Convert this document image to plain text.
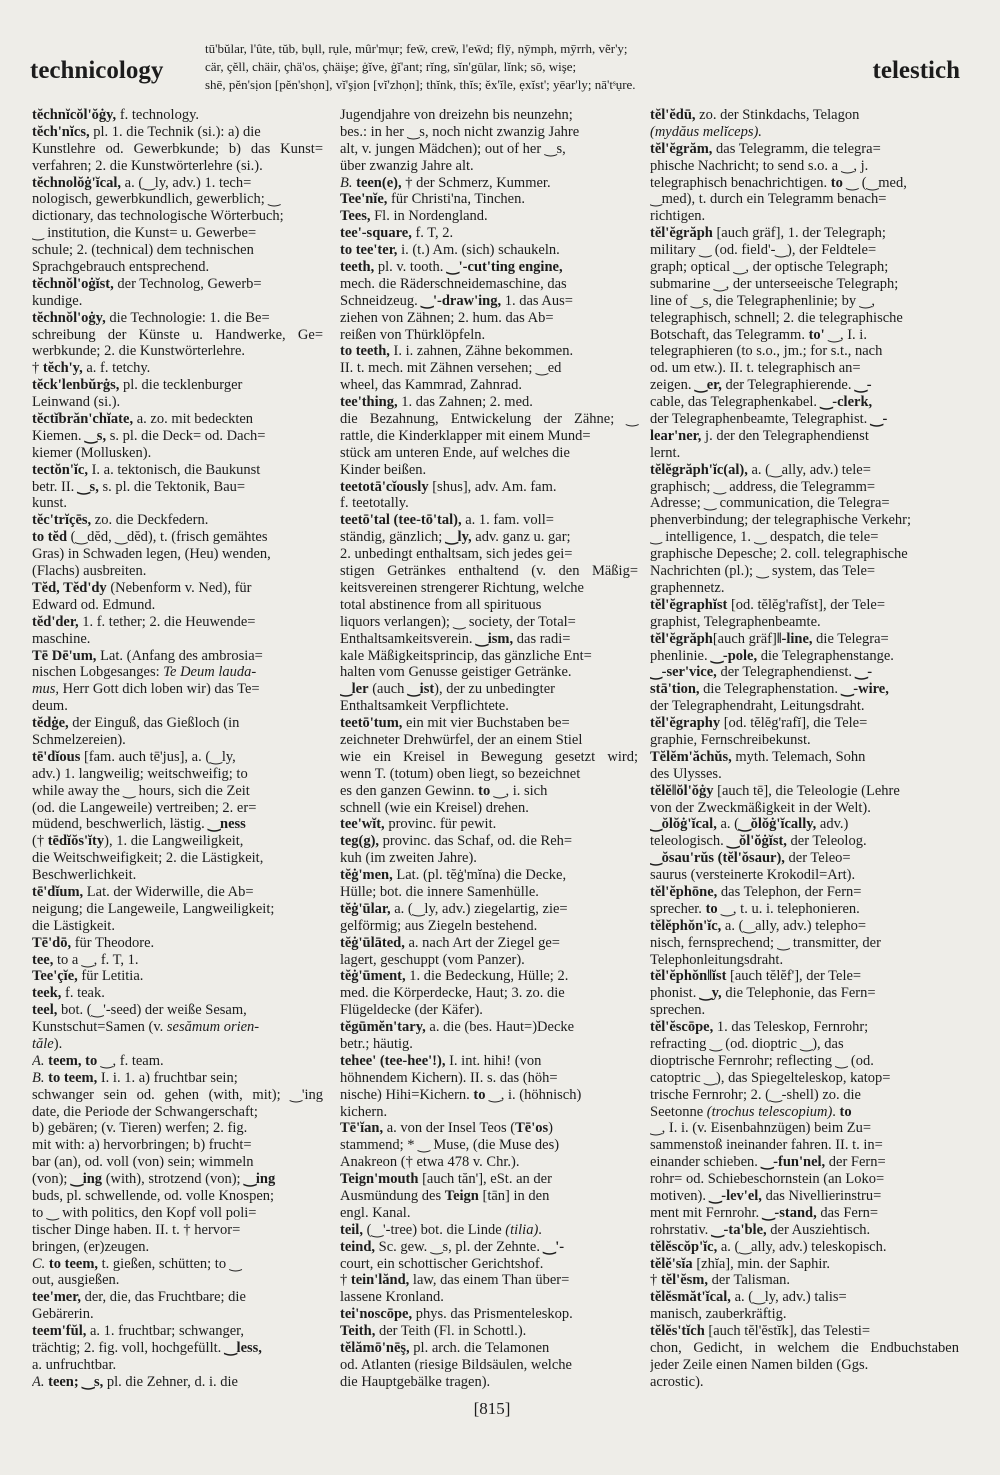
technicology
tū'bŭlar, l'ûte, tŭb, bụll, rụle, mûr'mụr; few̄, crew̄, l'ew̄d; flȳ, nȳmph, mȳrrh, vẽr'y;
cär, çĕll, chäir, çhä'os, çhäişe; ġĭve, ġĭ'ant; rĭng, sĭn'gūlar, lĭnk; sō, wişe;
shē, pĕn'sịon [pĕn'shọn], vĭ'şịon [vĭ'zhọn]; thĭnk, thĭs; ĕx'ĭle, ẹxĭst'; yēar'ly; nā'tˢụre.
telestich
tĕchnĭcŏl'ŏġy, f. technology.
tĕch'nĭcs, pl. 1. die Technik (si.): a) die
Kunstlehre od. Gewerbkunde; b) das Kunst=
verfahren; 2. die Kunstwörterlehre (si.).
tĕchnolŏġ'ĭcal, a. (‿ly, adv.) 1. tech=
nologisch, gewerbkundlich, gewerblich; ‿
dictionary, das technologische Wörterbuch;
‿ institution, die Kunst= u. Gewerbe=
schule; 2. (technical) dem technischen
Sprachgebrauch entsprechend.
tĕchnŏl'oġĭst, der Technolog, Gewerb=
kundige.
tĕchnŏl'oġy, die Technologie: 1. die Be=
schreibung der Künste u. Handwerke, Ge=
werbkunde; 2. die Kunstwörterlehre.
† tĕch'y, a. f. tetchy.
tĕck'lenbŭrġs, pl. die tecklenburger
Leinwand (si.).
tĕctĭbrăn'chĭate, a. zo. mit bedeckten
Kiemen. ‿s, s. pl. die Deck= od. Dach=
kiemer (Mollusken).
tectŏn'ĭc, I. a. tektonisch, die Baukunst
betr. II. ‿s, s. pl. die Tektonik, Bau=
kunst.
tĕc'trĭçēs, zo. die Deckfedern.
to tĕd (‿dĕd, ‿dĕd), t. (frisch gemähtes
Gras) in Schwaden legen, (Heu) wenden,
(Flachs) ausbreiten.
Tĕd, Tĕd'dy (Nebenform v. Ned), für
Edward od. Edmund.
tĕd'der, 1. f. tether; 2. die Heuwende=
maschine.
Tē Dē'um, Lat. (Anfang des ambrosia=
nischen Lobgesanges: Te Deum lauda-
mus, Herr Gott dich loben wir) das Te=
deum.
tĕdġe, der Einguß, das Gießloch (in
Schmelzereien).
tē'dĭous [fam. auch tē'jus], a. (‿ly,
adv.) 1. langweilig; weitschweifig; to
while away the ‿ hours, sich die Zeit
(od. die Langeweile) vertreiben; 2. er=
müdend, beschwerlich, lästig. ‿ness
(† tēdĭŏs'ĭty), 1. die Langweiligkeit,
die Weitschweifigkeit; 2. die Lästigkeit,
Beschwerlichkeit.
tē'dĭum, Lat. der Widerwille, die Ab=
neigung; die Langeweile, Langweiligkeit;
die Lästigkeit.
Tē'dō, für Theodore.
tee, to a ‿, f. T, 1.
Tee'çĭe, für Letitia.
teek, f. teak.
teel, bot. (‿'-seed) der weiße Sesam,
Kunstschut=Samen (v. sesămum orien-
tăle).
A. teem, to ‿, f. team.
B. to teem, I. i. 1. a) fruchtbar sein;
schwanger sein od. gehen (with, mit); ‿'ing
date, die Periode der Schwangerschaft;
b) gebären; (v. Tieren) werfen; 2. fig.
mit with: a) hervorbringen; b) frucht=
bar (an), od. voll (von) sein; wimmeln
(von); ‿ing (with), strotzend (von); ‿ing
buds, pl. schwellende, od. volle Knospen;
to ‿ with politics, den Kopf voll poli=
tischer Dinge haben. II. t. † hervor=
bringen, (er)zeugen.
C. to teem, t. gießen, schütten; to ‿
out, ausgießen.
tee'mer, der, die, das Fruchtbare; die
Gebärerin.
teem'fŭl, a. 1. fruchtbar; schwanger,
trächtig; 2. fig. voll, hochgefüllt. ‿less,
a. unfruchtbar.
A. teen; ‿s, pl. die Zehner, d. i. die
Jugendjahre von dreizehn bis neunzehn;
bes.: in her ‿s, noch nicht zwanzig Jahre
alt, v. jungen Mädchen); out of her ‿s,
über zwanzig Jahre alt.
B. teen(e), † der Schmerz, Kummer.
Tee'nĭe, für Christi'na, Tinchen.
Tees, Fl. in Nordengland.
tee'-square, f. T, 2.
to tee'ter, i. (t.) Am. (sich) schaukeln.
teeth, pl. v. tooth. ‿'-cut'ting engine,
mech. die Räderschneidemaschine, das
Schneidzeug. ‿'-draw'ing, 1. das Aus=
ziehen von Zähnen; 2. hum. das Ab=
reißen von Thürklöpfeln.
to teeth, I. i. zahnen, Zähne bekommen.
II. t. mech. mit Zähnen versehen; ‿ed
wheel, das Kammrad, Zahnrad.
tee'thing, 1. das Zahnen; 2. med.
die Bezahnung, Entwickelung der Zähne; ‿
rattle, die Kinderklapper mit einem Mund=
stück am unteren Ende, auf welches die
Kinder beißen.
teetotā'cĭously [shus], adv. Am. fam.
f. teetotally.
teetō'tal (tee-tō'tal), a. 1. fam. voll=
ständig, gänzlich; ‿ly, adv. ganz u. gar;
2. unbedingt enthaltsam, sich jedes gei=
stigen Getränkes enthaltend (v. den Mäßig=
keitsvereinen strengerer Richtung, welche
total abstinence from all spirituous
liquors verlangen); ‿ society, der Total=
Enthaltsamkeitsverein. ‿ism, das radi=
kale Mäßigkeitsprincip, das gänzliche Ent=
halten vom Genusse geistiger Getränke.
‿ler (auch ‿ist), der zu unbedingter
Enthaltsamkeit Verpflichtete.
teetō'tum, ein mit vier Buchstaben be=
zeichneter Drehwürfel, der an einem Stiel
wie ein Kreisel in Bewegung gesetzt wird;
wenn T. (totum) oben liegt, so bezeichnet
es den ganzen Gewinn. to ‿, i. sich
schnell (wie ein Kreisel) drehen.
tee'wĭt, provinc. für pewit.
teg(g), provinc. das Schaf, od. die Reh=
kuh (im zweiten Jahre).
tĕġ'men, Lat. (pl. tĕġ'mĭna) die Decke,
Hülle; bot. die innere Samenhülle.
tĕġ'ūlar, a. (‿ly, adv.) ziegelartig, zie=
gelförmig; aus Ziegeln bestehend.
tĕġ'ūlāted, a. nach Art der Ziegel ge=
lagert, geschuppt (vom Panzer).
tĕġ'ūment, 1. die Bedeckung, Hülle; 2.
med. die Körperdecke, Haut; 3. zo. die
Flügeldecke (der Käfer).
tĕgūmĕn'tary, a. die (bes. Haut=)Decke
betr.; häutig.
tehee' (tee-hee'!), I. int. hihi! (von
höhnendem Kichern). II. s. das (höh=
nische) Hihi=Kichern. to ‿, i. (höhnisch)
kichern.
Tē'ĭan, a. von der Insel Teos (Tē'os)
stammend; * ‿ Muse, (die Muse des)
Anakreon († etwa 478 v. Chr.).
Teign'mouth [auch tăn'], eSt. an der
Ausmündung des Teign [tān] in den
engl. Kanal.
teil, (‿'-tree) bot. die Linde (tilia).
teind, Sc. gew. ‿s, pl. der Zehnte. ‿'-
court, ein schottischer Gerichtshof.
† tein'lănd, law, das einem Than über=
lassene Kronland.
tei'noscōpe, phys. das Prismenteleskop.
Teith, der Teith (Fl. in Schottl.).
tĕlămō'nēş, pl. arch. die Telamonen
od. Atlanten (riesige Bildsäulen, welche
die Hauptgebälke tragen).
tĕl'ĕdū, zo. der Stinkdachs, Telagon
(mydăus melĭceps).
tĕl'ĕgrăm, das Telegramm, die telegra=
phische Nachricht; to send s.o. a ‿, j.
telegraphisch benachrichtigen. to ‿ (‿med,
‿med), t. durch ein Telegramm benach=
richtigen.
tĕl'ĕgrăph [auch gräf], 1. der Telegraph;
military ‿ (od. field'-‿), der Feldtele=
graph; optical ‿, der optische Telegraph;
submarine ‿, der unterseeische Telegraph;
line of ‿s, die Telegraphenlinie; by ‿,
telegraphisch, schnell; 2. die telegraphische
Botschaft, das Telegramm. to' ‿, I. i.
telegraphieren (to s.o., jm.; for s.t., nach
od. um etw.). II. t. telegraphisch an=
zeigen. ‿er, der Telegraphierende. ‿-
cable, das Telegraphenkabel. ‿-clerk,
der Telegraphenbeamte, Telegraphist. ‿-
lear'ner, j. der den Telegraphendienst
lernt.
tĕlĕgrăph'ĭc(al), a. (‿ally, adv.) tele=
graphisch; ‿ address, die Telegramm=
Adresse; ‿ communication, die Telegra=
phenverbindung; der telegraphische Verkehr;
‿ intelligence, 1. ‿ despatch, die tele=
graphische Depesche; 2. coll. telegraphische
Nachrichten (pl.); ‿ system, das Tele=
graphennetz.
tĕl'ĕgraphĭst [od. tĕlĕg'rafĭst], der Tele=
graphist, Telegraphenbeamte.
tĕl'ĕgrăph[auch gräf]‖-line, die Telegra=
phenlinie. ‿-pole, die Telegraphenstange.
‿-ser'vice, der Telegraphendienst. ‿-
stā'tion, die Telegraphenstation. ‿-wire,
der Telegraphendraht, Leitungsdraht.
tĕl'ĕgraphy [od. tĕlĕg'rafĭ], die Tele=
graphie, Fernschreibekunst.
Tĕlĕm'ăchŭs, myth. Telemach, Sohn
des Ulysses.
tĕlĕ‖ŏl'ŏġy [auch tē], die Teleologie (Lehre
von der Zweckmäßigkeit in der Welt).
‿ŏlŏġ'ĭcal, a. (‿ŏlŏġ'ĭcally, adv.)
teleologisch. ‿ŏl'ŏġĭst, der Teleolog.
‿ŏsau'rŭs (tĕl'ŏsaur), der Teleo=
saurus (versteinerte Krokodil=Art).
tĕl'ĕphōne, das Telephon, der Fern=
sprecher. to ‿, t. u. i. telephonieren.
tĕlĕphŏn'ĭc, a. (‿ally, adv.) telepho=
nisch, fernsprechend; ‿ transmitter, der
Telephonleitungsdraht.
tĕl'ĕphŏn‖ĭst [auch tĕlĕf'], der Tele=
phonist. ‿y, die Telephonie, das Fern=
sprechen.
tĕl'ĕscōpe, 1. das Teleskop, Fernrohr;
refracting ‿ (od. dioptric ‿), das
dioptrische Fernrohr; reflecting ‿ (od.
catoptric ‿), das Spiegelteleskop, katop=
trische Fernrohr; 2. (‿-shell) zo. die
Seetonne (trochus telescopium). to
‿, I. i. (v. Eisenbahnzügen) beim Zu=
sammenstoß ineinander fahren. II. t. in=
einander schieben. ‿-fun'nel, der Fern=
rohr= od. Schiebeschornstein (an Loko=
motiven). ‿-lev'el, das Nivellierinstru=
ment mit Fernrohr. ‿-stand, das Fern=
rohrstativ. ‿-ta'ble, der Ausziehtisch.
tĕlĕscŏp'ĭc, a. (‿ally, adv.) teleskopisch.
tĕlĕ'sĭa [zhĭa], min. der Saphir.
† tĕl'ĕsm, der Talisman.
tĕlĕsmăt'ĭcal, a. (‿ly, adv.) talis=
manisch, zauberkräftig.
tĕlĕs'tĭch [auch tĕl'ĕstĭk], das Telesti=
chon, Gedicht, in welchem die Endbuchstaben
jeder Zeile einen Namen bilden (Ggs.
acrostic).
[815]
